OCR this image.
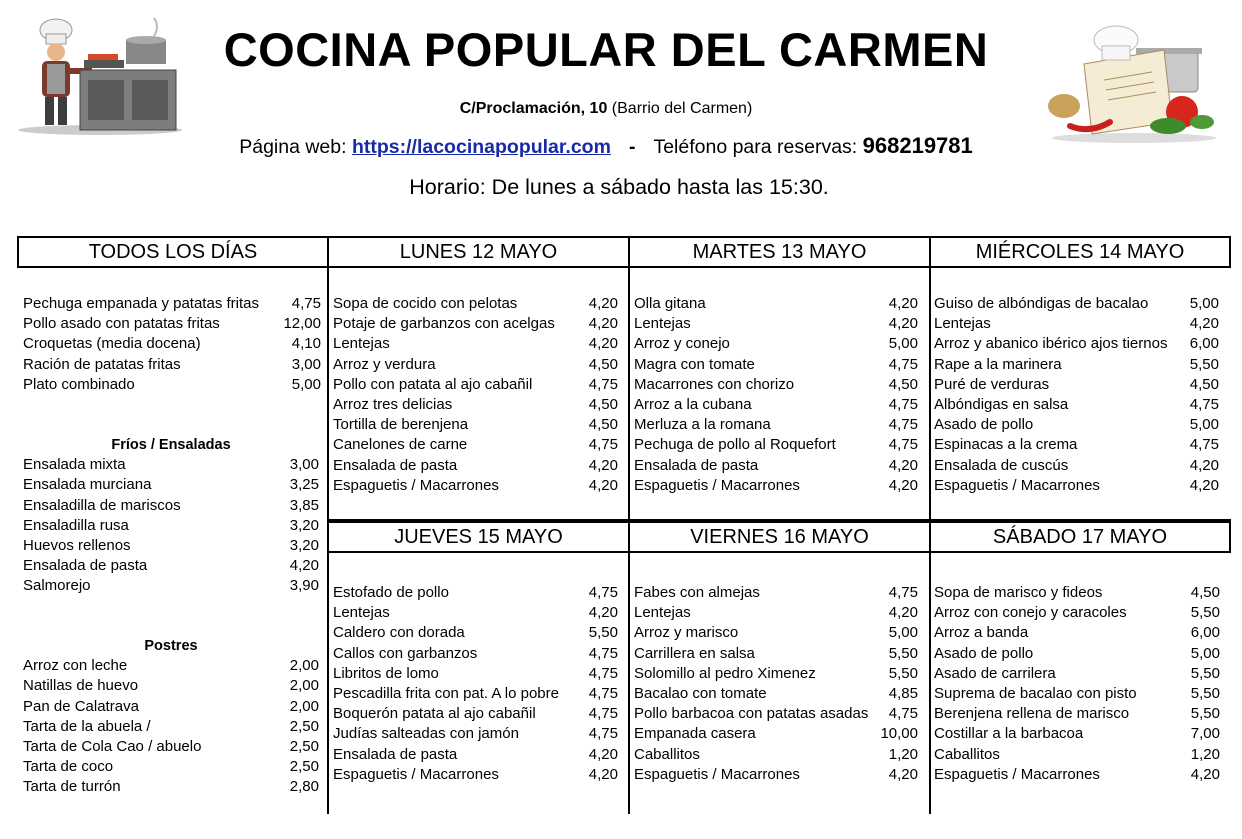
COCINA POPULAR DEL CARMEN
C/Proclamación, 10 (Barrio del Carmen)
Página web: https://lacocinapopular.com - Teléfono para reservas: 968219781
Horario: De lunes a sábado hasta las 15:30.
TODOS LOS DÍAS	LUNES 12 MAYO	MARTES 13 MAYO	MIÉRCOLES 14 MAYO
JUEVES 15 MAYO	VIERNES 16 MAYO	SÁBADO 17 MAYO
Pechuga empanada y patatas fritas 4,75
Pollo asado con patatas fritas	12,00
Croquetas (media docena)	4,10
Ración de patatas fritas	3,00
Plato combinado	5,00
Fríos / Ensaladas
Ensalada mixta	3,00
Ensalada murciana	3,25
Ensaladilla de mariscos	3,85
Ensaladilla rusa	3,20
Huevos rellenos	3,20
Ensalada de pasta	4,20
Salmorejo	3,90
Postres
Arroz con leche	2,00
Natillas de huevo	2,00
Pan de Calatrava	2,00
Tarta de la abuela /	2,50
Tarta de Cola Cao / abuelo	2,50
Tarta de coco	2,50
Tarta de turrón	2,80
Sopa de cocido con pelotas	4,20
Potaje de garbanzos con acelgas 4,20
Lentejas	4,20
Arroz y verdura	4,50
Pollo con patata al ajo cabañil	4,75
Arroz tres delicias	4,50
Tortilla de berenjena	4,50
Canelones de carne	4,75
Ensalada de pasta	4,20
Espaguetis / Macarrones	4,20
Olla gitana	4,20
Lentejas	4,20
Arroz y conejo	5,00
Magra con tomate	4,75
Macarrones con chorizo	4,50
Arroz a la cubana	4,75
Merluza a la romana	4,75
Pechuga de pollo al Roquefort	4,75
Ensalada de pasta	4,20
Espaguetis / Macarrones	4,20
Guiso de albóndigas de bacalao	5,00
Lentejas	4,20
Arroz y abanico ibérico ajos tiernos 6,00
Rape a la marinera	5,50
Puré de verduras	4,50
Albóndigas en salsa	4,75
Asado de pollo	5,00
Espinacas a la crema	4,75
Ensalada de cuscús	4,20
Espaguetis / Macarrones	4,20
Estofado de pollo	4,75
Lentejas	4,20
Caldero con dorada	5,50
Callos con garbanzos	4,75
Libritos de lomo	4,75
Pescadilla frita con pat. A lo pobre 4,75
Boquerón patata al ajo cabañil	4,75
Judías salteadas con jamón	4,75
Ensalada de pasta	4,20
Espaguetis / Macarrones	4,20
Fabes con almejas	4,75
Lentejas	4,20
Arroz y marisco	5,00
Carrillera en salsa	5,50
Solomillo al pedro Ximenez	5,50
Bacalao con tomate	4,85
Pollo barbacoa con patatas asadas 4,75
Empanada casera	10,00
Caballitos	1,20
Espaguetis / Macarrones	4,20
Sopa de marisco y fideos	4,50
Arroz con conejo y caracoles	5,50
Arroz a banda	6,00
Asado de pollo	5,00
Asado de carrilera	5,50
Suprema de bacalao con pisto	5,50
Berenjena rellena de marisco	5,50
Costillar a la barbacoa	7,00
Caballitos	1,20
Espaguetis / Macarrones	4,20
